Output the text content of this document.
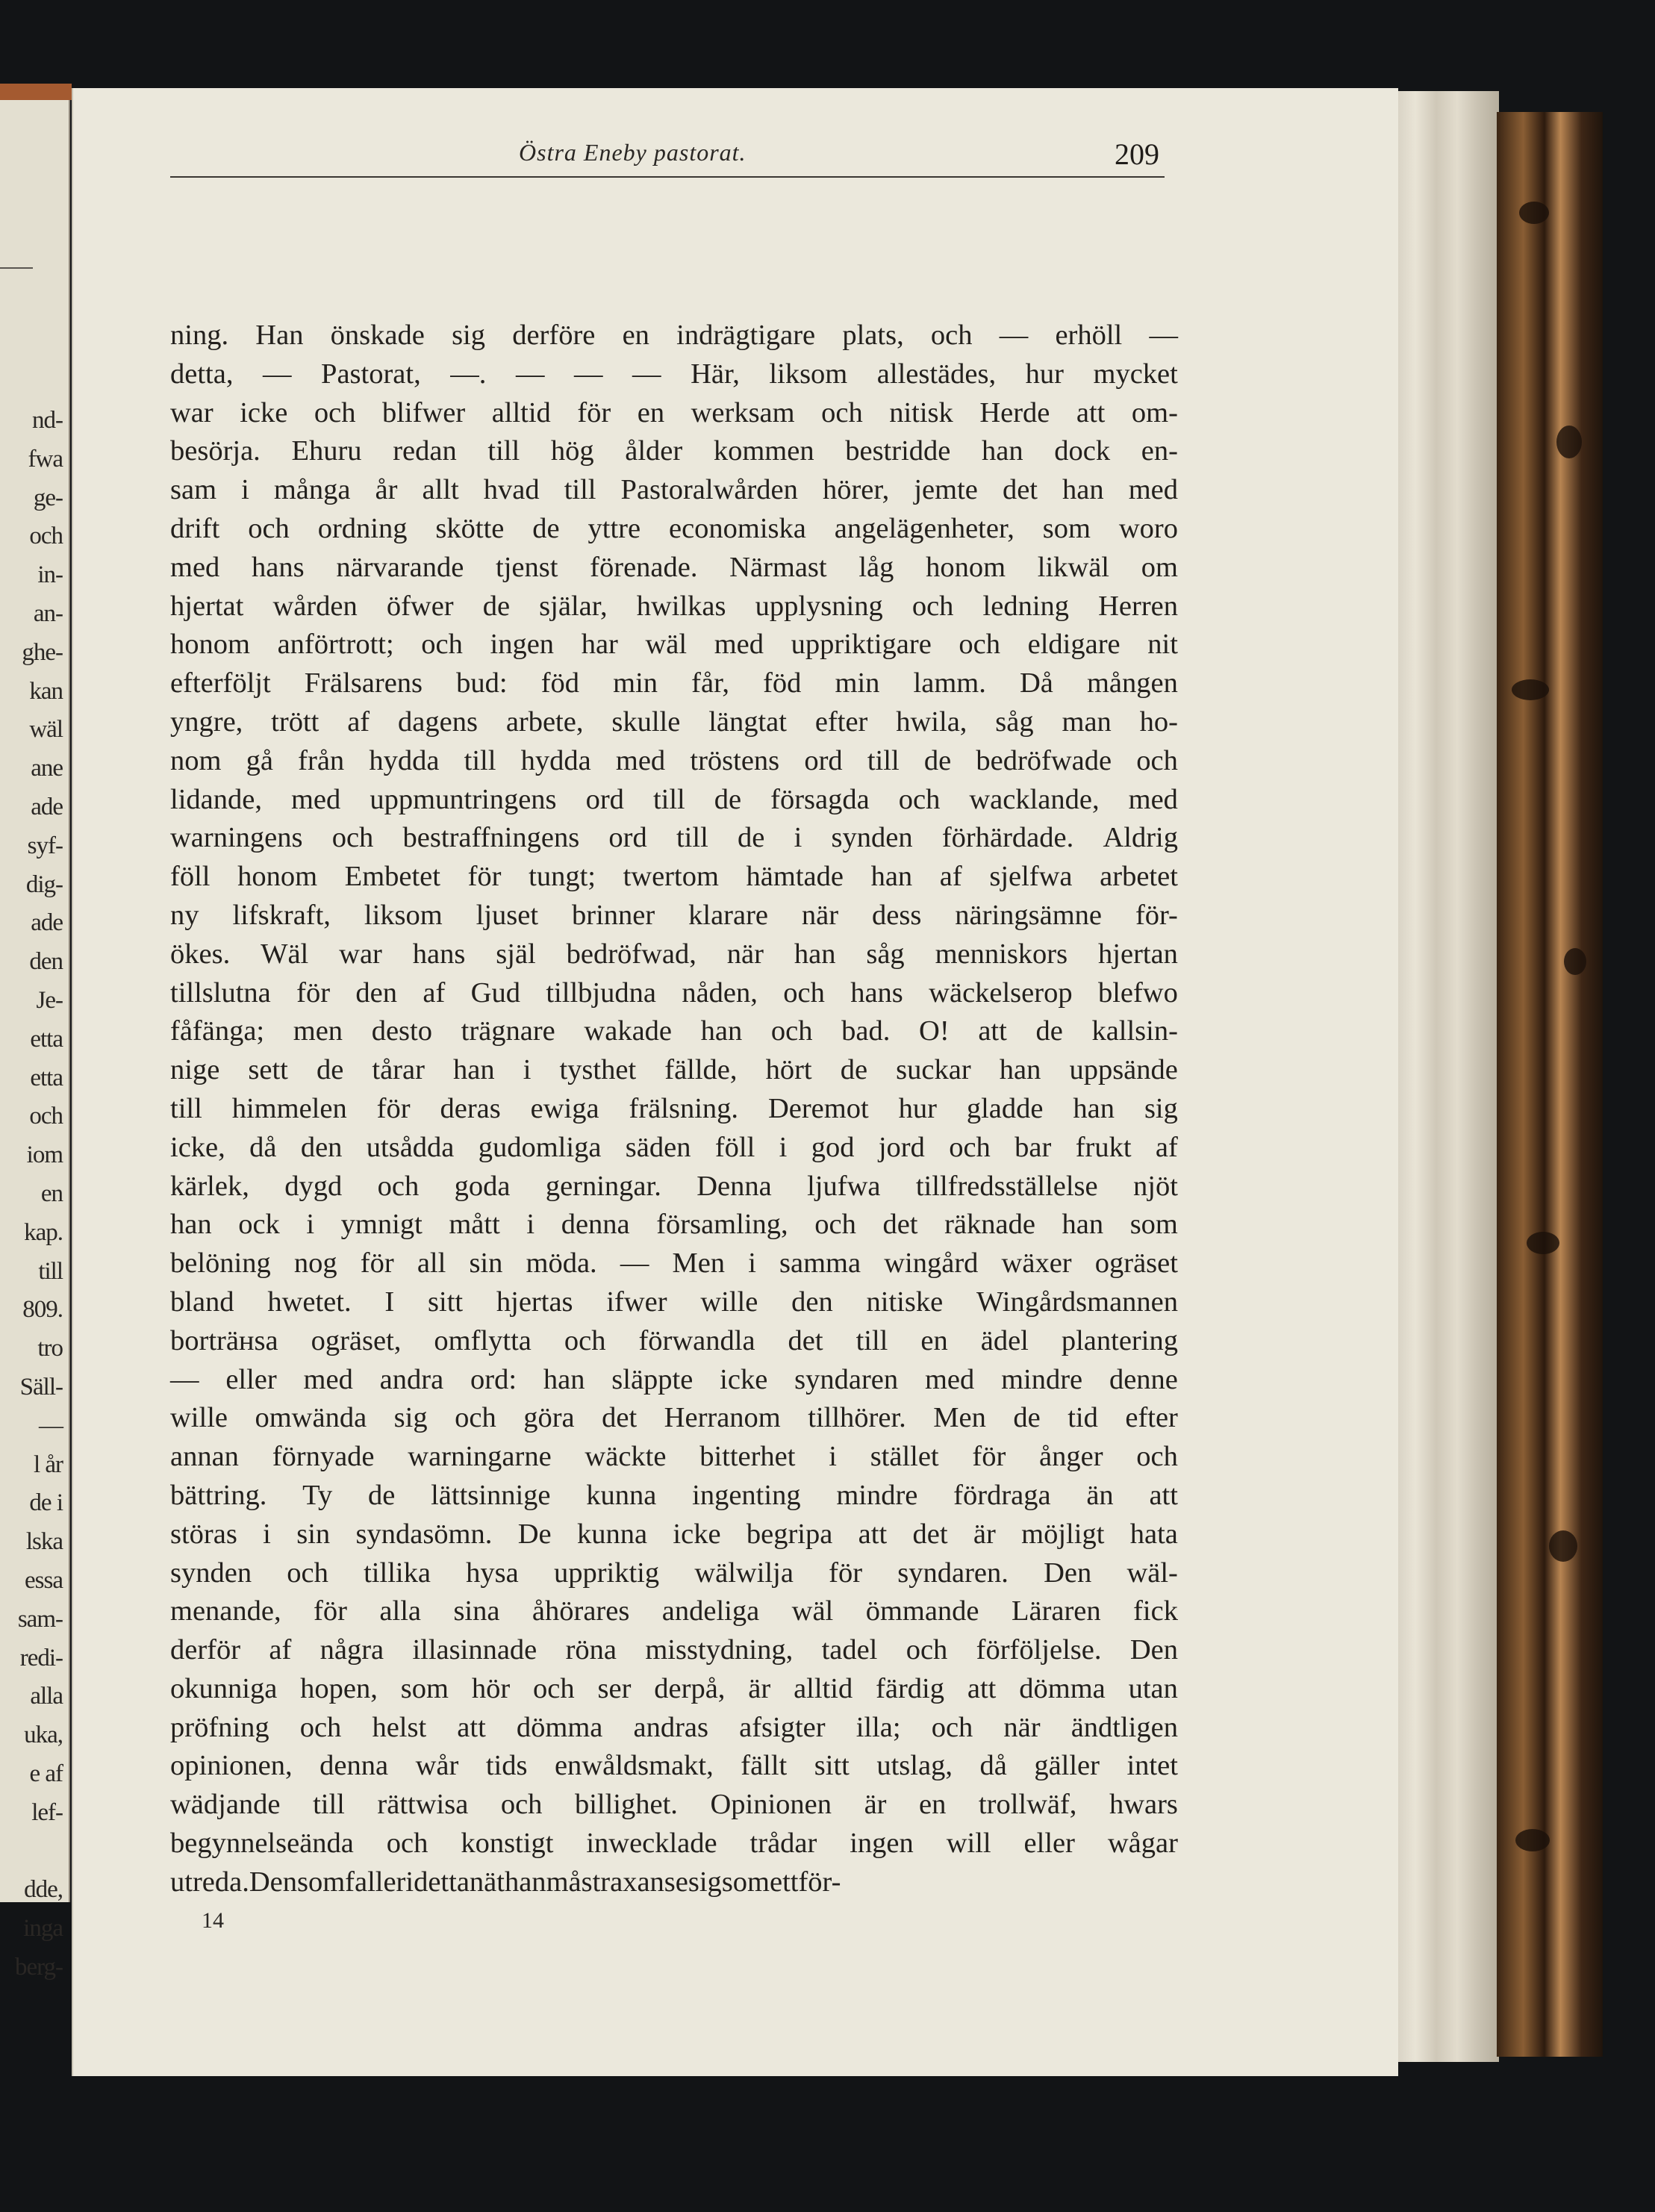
nd-
fwa
ge-
och
in-
an-
ghe-
kan
wäl
ane
ade
syf-
dig-
ade
den
Je-
etta
etta
och
iom
en
kap.
till
809.
tro
Säll-
—
l år
de i
lska
essa
sam-
redi-
alla
uka,
e af
lef-
dde,
inga
berg-
Östra Eneby pastorat.	209
ning. Han önskade sig derföre en indrägtigare plats, och — erhöll —
detta, — Pastorat, —. — — — Här, liksom allestädes, hur mycket
war icke och blifwer alltid för en werksam och nitisk Herde att om-
besörja. Ehuru redan till hög ålder kommen bestridde han dock en-
sam i många år allt hvad till Pastoralwården hörer, jemte det han med
drift och ordning skötte de yttre economiska angelägenheter, som woro
med hans närvarande tjenst förenade. Närmast låg honom likwäl om
hjertat wården öfwer de själar, hwilkas upplysning och ledning Herren
honom anförtrott; och ingen har wäl med uppriktigare och eldigare nit
efterföljt Frälsarens bud: föd min får, föd min lamm. Då mången
yngre, trött af dagens arbete, skulle längtat efter hwila, såg man ho-
nom gå från hydda till hydda med tröstens ord till de bedröfwade och
lidande, med uppmuntringens ord till de försagda och wacklande, med
warningens och bestraffningens ord till de i synden förhärdade. Aldrig
föll honom Embetet för tungt; twertom hämtade han af sjelfwa arbetet
ny lifskraft, liksom ljuset brinner klarare när dess näringsämne för-
ökes. Wäl war hans själ bedröfwad, när han såg menniskors hjertan
tillslutna för den af Gud tillbjudna nåden, och hans wäckelserop blefwo
fåfänga; men desto trägnare wakade han och bad. O! att de kallsin-
nige sett de tårar han i tysthet fällde, hört de suckar han uppsände
till himmelen för deras ewiga frälsning. Deremot hur gladde han sig
icke, då den utsådda gudomliga säden föll i god jord och bar frukt af
kärlek, dygd och goda gerningar. Denna ljufwa tillfredsställelse njöt
han ock i ymnigt mått i denna församling, och det räknade han som
belöning nog för all sin möda. — Men i samma wingård wäxer ogräset
bland hwetet. I sitt hjertas ifwer wille den nitiske Wingårdsmannen
borträнsa ogräset, omflytta och förwandla det till en ädel plantering
— eller med andra ord: han släppte icke syndaren med mindre denne
wille omwända sig och göra det Herranom tillhörer. Men de tid efter
annan förnyade warningarne wäckte bitterhet i stället för ånger och
bättring. Ty de lättsinnige kunna ingenting mindre fördraga än att
störas i sin syndasömn. De kunna icke begripa att det är möjligt hata
synden och tillika hysa uppriktig wälwilja för syndaren. Den wäl-
menande, för alla sina åhörares andeliga wäl ömmande Läraren fick
derför af några illasinnade röna misstydning, tadel och förföljelse. Den
okunniga hopen, som hör och ser derpå, är alltid färdig att dömma utan
pröfning och helst att dömma andras afsigter illa; och när ändtligen
opinionen, denna wår tids enwåldsmakt, fällt sitt utslag, då gäller intet
wädjande till rättwisa och billighet. Opinionen är en trollwäf, hwars
begynnelseända och konstigt inwecklade trådar ingen will eller wågar
utreda. Den som faller i detta nät han må strax anse sig som ett för-
14
